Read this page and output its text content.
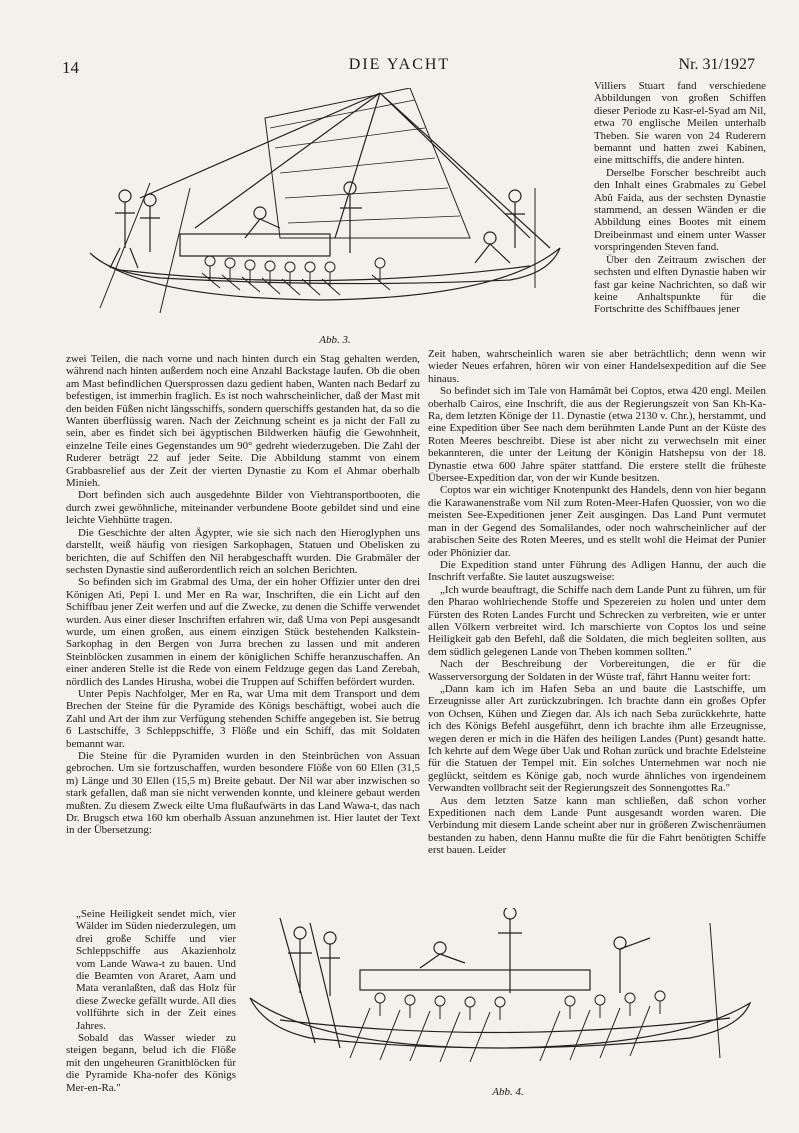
14	DIE YACHT	Nr. 31/1927
Abb. 3.

Villiers Stuart fand verschiedene Abbildungen von großen Schiffen dieser Periode zu Kasr-el-Syad am Nil, etwa 70 englische Meilen unterhalb Theben. Sie waren von 24 Ruderern bemannt und hatten zwei Kabinen, eine mittschiffs, die andere hinten.

Derselbe Forscher beschreibt auch den Inhalt eines Grabmales zu Gebel Abû Faida, aus der sechsten Dynastie stammend, an dessen Wänden er die Abbildung eines Bootes mit einem Dreibeinmast und einem unter Wasser vorspringenden Steven fand.

Über den Zeitraum zwischen der sechsten und elften Dynastie haben wir fast gar keine Nachrichten, so daß wir keine Anhaltspunkte für die Fortschritte des Schiffbaues jener

zwei Teilen, die nach vorne und nach hinten durch ein Stag gehalten werden, während nach hinten außerdem noch eine Anzahl Backstage laufen. Ob die oben am Mast befindlichen Quersprossen dazu gedient haben, Wanten nach Bedarf zu befestigen, ist immerhin fraglich. Es ist noch wahrscheinlicher, daß der Mast mit den beiden Füßen nicht längsschiffs, sondern querschiffs gestanden hat, da so die Wanten überflüssig waren. Nach der Zeichnung scheint es ja nicht der Fall zu sein, aber es findet sich bei ägyptischen Bildwerken häufig die Gewohnheit, einzelne Teile eines Gegenstandes um 90° gedreht wiederzugeben. Die Zahl der Ruderer beträgt 22 auf jeder Seite. Die Abbildung stammt von einem Grabbasrelief aus der Zeit der vierten Dynastie zu Kom el Ahmar oberhalb Minieh.

Dort befinden sich auch ausgedehnte Bilder von Viehtransportbooten, die durch zwei gewöhnliche, miteinander verbundene Boote gebildet sind und eine leichte Viehhütte tragen.

Die Geschichte der alten Ägypter, wie sie sich nach den Hieroglyphen uns darstellt, weiß häufig von riesigen Sarkophagen, Statuen und Obelisken zu berichten, die auf Schiffen den Nil herabgeschafft wurden. Die Grabmäler der sechsten Dynastie sind außerordentlich reich an solchen Berichten.

So befinden sich im Grabmal des Uma, der ein hoher Offizier unter den drei Königen Ati, Pepi I. und Mer en Ra war, Inschriften, die ein Licht auf den Schiffbau jener Zeit werfen und auf die Zwecke, zu denen die Schiffe verwendet wurden. Aus einer dieser Inschriften erfahren wir, daß Uma von Pepi ausgesandt wurde, um einen großen, aus einem einzigen Stück bestehenden Kalkstein-Sarkophag in den Bergen von Jurra brechen zu lassen und mit anderen Steinblöcken zusammen in einem der königlichen Schiffe heranzuschaffen. An einer anderen Stelle ist die Rede von einem Feldzuge gegen das Land Zerebah, nördlich des Landes Hirusha, wobei die Truppen auf Schiffen befördert wurden.

Unter Pepis Nachfolger, Mer en Ra, war Uma mit dem Transport und dem Brechen der Steine für die Pyramide des Königs beschäftigt, wobei auch die Zahl und Art der ihm zur Verfügung stehenden Schiffe angegeben ist. Sie betrug 6 Lastschiffe, 3 Schleppschiffe, 3 Flöße und ein Schiff, das mit Soldaten bemannt war.

Die Steine für die Pyramiden wurden in den Steinbrüchen von Assuan gebrochen. Um sie fortzuschaffen, wurden besondere Flöße von 60 Ellen (31,5 m) Länge und 30 Ellen (15,5 m) Breite gebaut. Der Nil war aber inzwischen so stark gefallen, daß man sie nicht verwenden konnte, und kleinere gebaut werden mußten. Zu diesem Zweck eilte Uma flußaufwärts in das Land Wawa-t, das nach Dr. Brugsch etwa 160 km oberhalb Assuan anzunehmen ist. Hier lautet der Text in der Übersetzung:

„Seine Heiligkeit sendet mich, vier Wälder im Süden niederzulegen, um drei große Schiffe und vier Schleppschiffe aus Akazienholz vom Lande Wawa-t zu bauen. Und die Beamten von Araret, Aam und Mata veranlaßten, daß das Holz für diese Zwecke gefällt wurde. All dies vollführte sich in der Zeit eines Jahres.

Sobald das Wasser wieder zu steigen begann, belud ich die Flöße mit den ungeheuren Granitblöcken für die Pyramide Kha-nofer des Königs Mer-en-Ra."

Zeit haben, wahrscheinlich waren sie aber beträchtlich; denn wenn wir wieder Neues erfahren, hören wir von einer Handelsexpedition auf die See hinaus.

So befindet sich im Tale von Hamâmât bei Coptos, etwa 420 engl. Meilen oberhalb Cairos, eine Inschrift, die aus der Regierungszeit von San Kh-Ka-Ra, dem letzten Könige der 11. Dynastie (etwa 2130 v. Chr.), herstammt, und eine Expedition über See nach dem berühmten Lande Punt an der Küste des Roten Meeres beschreibt. Diese ist aber nicht zu verwechseln mit einer bekannteren, die unter der Leitung der Königin Hatshepsu von der 18. Dynastie etwa 600 Jahre später stattfand. Die erstere stellt die früheste Übersee-Expedition dar, von der wir Kunde besitzen.

Coptos war ein wichtiger Knotenpunkt des Handels, denn von hier begann die Karawanenstraße vom Nil zum Roten-Meer-Hafen Quossier, von wo die meisten See-Expeditionen jener Zeit ausgingen. Das Land Punt vermutet man in der Gegend des Somalilandes, oder noch wahrscheinlicher auf der arabischen Seite des Roten Meeres, und es stellt wohl die Heimat der Punier oder Phönizier dar.

Die Expedition stand unter Führung des Adligen Hannu, der auch die Inschrift verfaßte. Sie lautet auszugsweise:

„Ich wurde beauftragt, die Schiffe nach dem Lande Punt zu führen, um für den Pharao wohlriechende Stoffe und Spezereien zu holen und unter dem Fürsten des Roten Landes Furcht und Schrecken zu verbreiten, wie er unter allen Völkern verbreitet wird. Ich marschierte von Coptos los und seine Heiligkeit gab den Befehl, daß die Soldaten, die mich begleiten sollten, aus dem südlich gelegenen Lande von Theben kommen sollten."

Nach der Beschreibung der Vorbereitungen, die er für die Wasserversorgung der Soldaten in der Wüste traf, fährt Hannu weiter fort:

„Dann kam ich im Hafen Seba an und baute die Lastschiffe, um Erzeugnisse aller Art zurückzubringen. Ich brachte dann ein großes Opfer von Ochsen, Kühen und Ziegen dar. Als ich nach Seba zurückkehrte, hatte ich des Königs Befehl ausgeführt, denn ich brachte ihm alle Erzeugnisse, wegen deren er mich in die Häfen des heiligen Landes (Punt) gesandt hatte. Ich kehrte auf dem Wege über Uak und Rohan zurück und brachte Edelsteine für die Statuen der Tempel mit. Ein solches Unternehmen war noch nie geglückt, seitdem es Könige gab, noch wurde ähnliches von irgendeinem Verwandten vollbracht seit der Regierungszeit des Sonnengottes Ra."

Aus dem letzten Satze kann man schließen, daß schon vorher Expeditionen nach dem Lande Punt ausgesandt worden waren. Die Verbindung mit diesem Lande scheint aber nur in größeren Zwischenräumen bestanden zu haben, denn Hannu mußte die für die Fahrt benötigten Schiffe erst bauen. Leider

Abb. 4.
